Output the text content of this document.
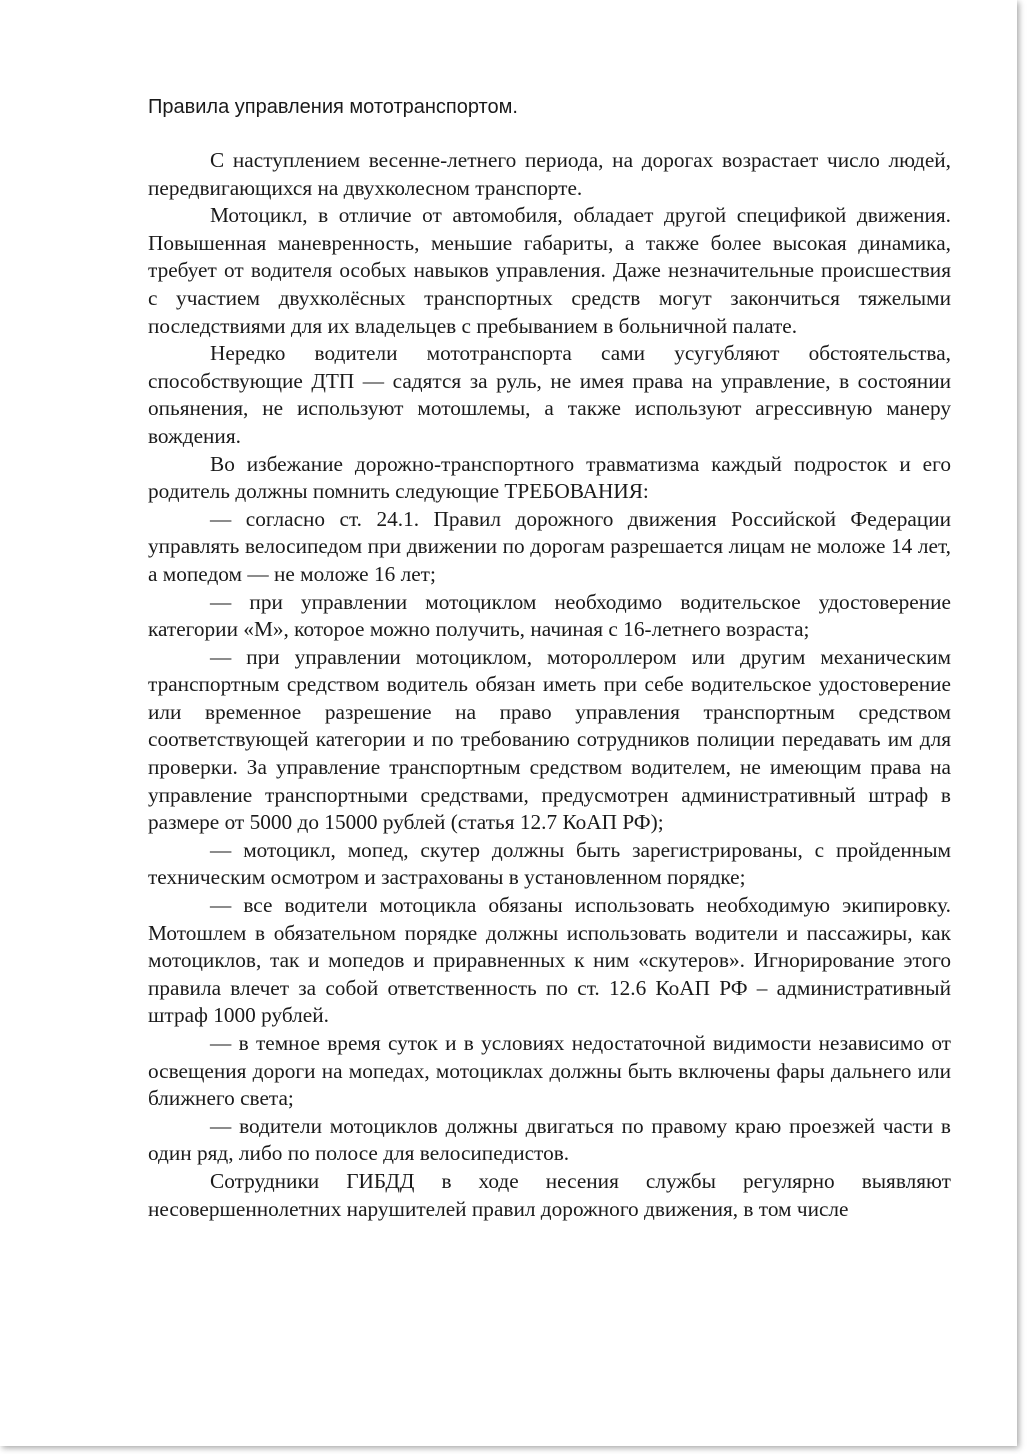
Правила управления мототранспортом.

С наступлением весенне-летнего периода, на дорогах возрастает число людей, передвигающихся на двухколесном транспорте.

Мотоцикл, в отличие от автомобиля, обладает другой спецификой движения. Повышенная маневренность, меньшие габариты, а также более высокая динамика, требует от водителя особых навыков управления. Даже незначительные происшествия с участием двухколёсных транспортных средств могут закончиться тяжелыми последствиями для их владельцев с пребыванием в больничной палате.

Нередко водители мототранспорта сами усугубляют обстоятельства, способствующие ДТП — садятся за руль, не имея права на управление, в состоянии опьянения, не используют мотошлемы, а также используют агрессивную манеру вождения.

Во избежание дорожно-транспортного травматизма каждый подросток и его родитель должны помнить следующие ТРЕБОВАНИЯ:

— согласно ст. 24.1. Правил дорожного движения Российской Федерации управлять велосипедом при движении по дорогам разрешается лицам не моложе 14 лет, а мопедом — не моложе 16 лет;

— при управлении мотоциклом необходимо водительское удостоверение категории «М», которое можно получить, начиная с 16-летнего возраста;

— при управлении мотоциклом, мотороллером или другим механическим транспортным средством водитель обязан иметь при себе водительское удостоверение или временное разрешение на право управления транспортным средством соответствующей категории и по требованию сотрудников полиции передавать им для проверки. За управление транспортным средством водителем, не имеющим права на управление транспортными средствами, предусмотрен административный штраф в размере от 5000 до 15000 рублей (статья 12.7 КоАП РФ);

— мотоцикл, мопед, скутер должны быть зарегистрированы, с пройденным техническим осмотром и застрахованы в установленном порядке;

— все водители мотоцикла обязаны использовать необходимую экипировку. Мотошлем в обязательном порядке должны использовать водители и пассажиры, как мотоциклов, так и мопедов и приравненных к ним «скутеров». Игнорирование этого правила влечет за собой ответственность по ст. 12.6 КоАП РФ – административный штраф 1000 рублей.

— в темное время суток и в условиях недостаточной видимости независимо от освещения дороги на мопедах, мотоциклах должны быть включены фары дальнего или ближнего света;

— водители мотоциклов должны двигаться по правому краю проезжей части в один ряд, либо по полосе для велосипедистов.

Сотрудники ГИБДД в ходе несения службы регулярно выявляют несовершеннолетних нарушителей правил дорожного движения, в том числе
